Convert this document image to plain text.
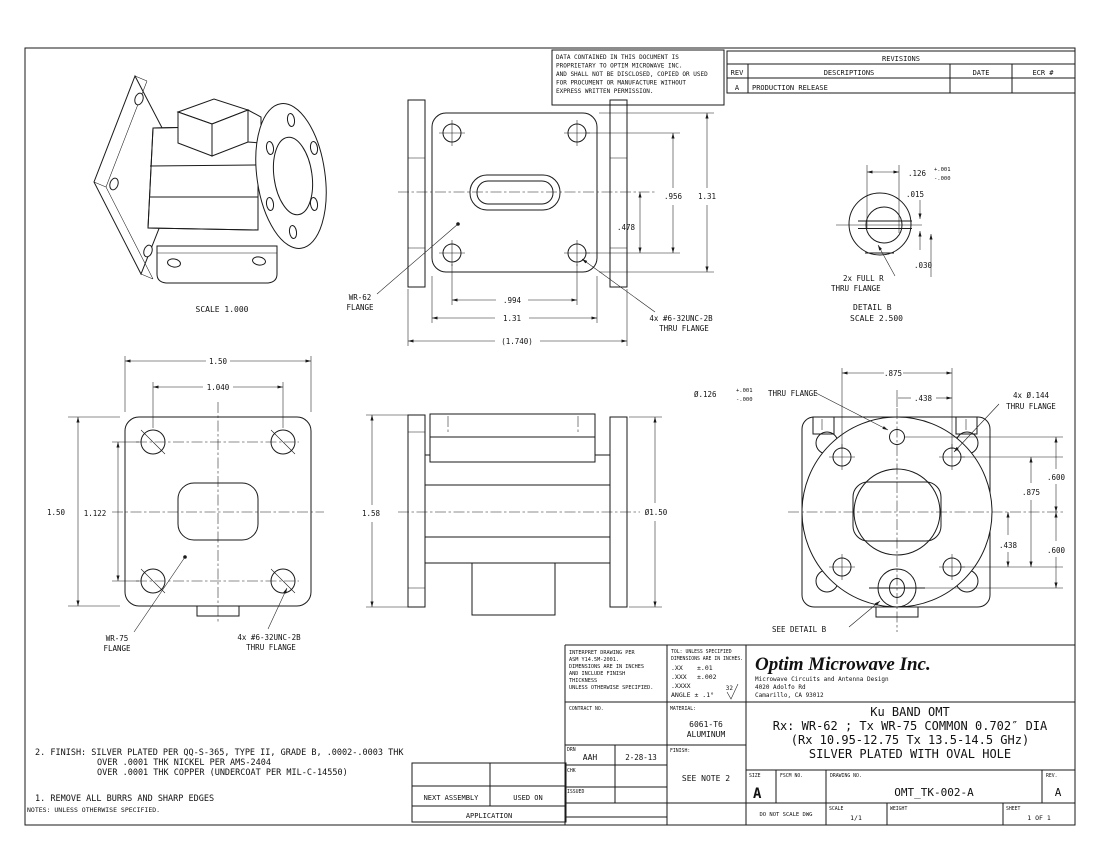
DATA CONTAINED IN THIS DOCUMENT IS
PROPRIETARY TO OPTIM MICROWAVE INC.
AND SHALL NOT BE DISCLOSED, COPIED OR USED
FOR PROCUMENT OR MANUFACTURE WITHOUT
EXPRESS WRITTEN PERMISSION.
REVISIONS
REV	DESCRIPTIONS	DATE	ECR #
A PRODUCTION RELEASE
SCALE 1.000
.956 1.31
.478
.994
1.31
(1.740)
WR-62
FLANGE
4x #6-32UNC-2B
THRU FLANGE
.126 +.001
-.000
.015
.030
2x FULL R
THRU FLANGE
DETAIL B
SCALE 2.500
1.50
1.040
1.50 1.122
WR-75
FLANGE
4x #6-32UNC-2B
THRU FLANGE
1.58	Ø1.50
.875
.438
Ø.126	+.001
-.000
THRU FLANGE	4x Ø.144
THRU FLANGE
.438
.875
.600
.600
SEE DETAIL B
2. FINISH: SILVER PLATED PER QQ-S-365, TYPE II, GRADE B, .0002-.0003 THK
OVER .0001 THK NICKEL PER AMS-2404
OVER .0001 THK COPPER (UNDERCOAT PER MIL-C-14550)
1. REMOVE ALL BURRS AND SHARP EDGES
NOTES: UNLESS OTHERWISE SPECIFIED.
NEXT ASSEMBLY	USED ON
APPLICATION
INTERPRET DRAWING PER
ASM Y14.5M-2001.
DIMENSIONS ARE IN INCHES
AND INCLUDE FINISH
THICKNESS
UNLESS OTHERWISE SPECIFIED.
TOL: UNLESS SPECIFIED
DIMENSIONS ARE IN INCHES.
.XX ±.01
.XXX ±.002
.XXXX
ANGLE ± .1°
32
CONTRACT NO.	MATERIAL:
6061-T6
ALUMINUM
DRN
AAH	2-28-13
CHK
ISSUED
FINISH:
SEE NOTE 2
Optim Microwave Inc.
Microwave Circuits and Antenna Design
4020 Adolfo Rd
Camarillo, CA 93012
Ku BAND OMT
Rx: WR-62 ; Tx WR-75 COMMON 0.702″ DIA
(Rx 10.95-12.75 Tx 13.5-14.5 GHz)
SILVER PLATED WITH OVAL HOLE
SIZE
A
FSCM NO.	DRAWING NO.
OMT_TK-002-A
REV.
A
DO NOT SCALE DWG
SCALE
1/1
WEIGHT	SHEET
1 OF 1
